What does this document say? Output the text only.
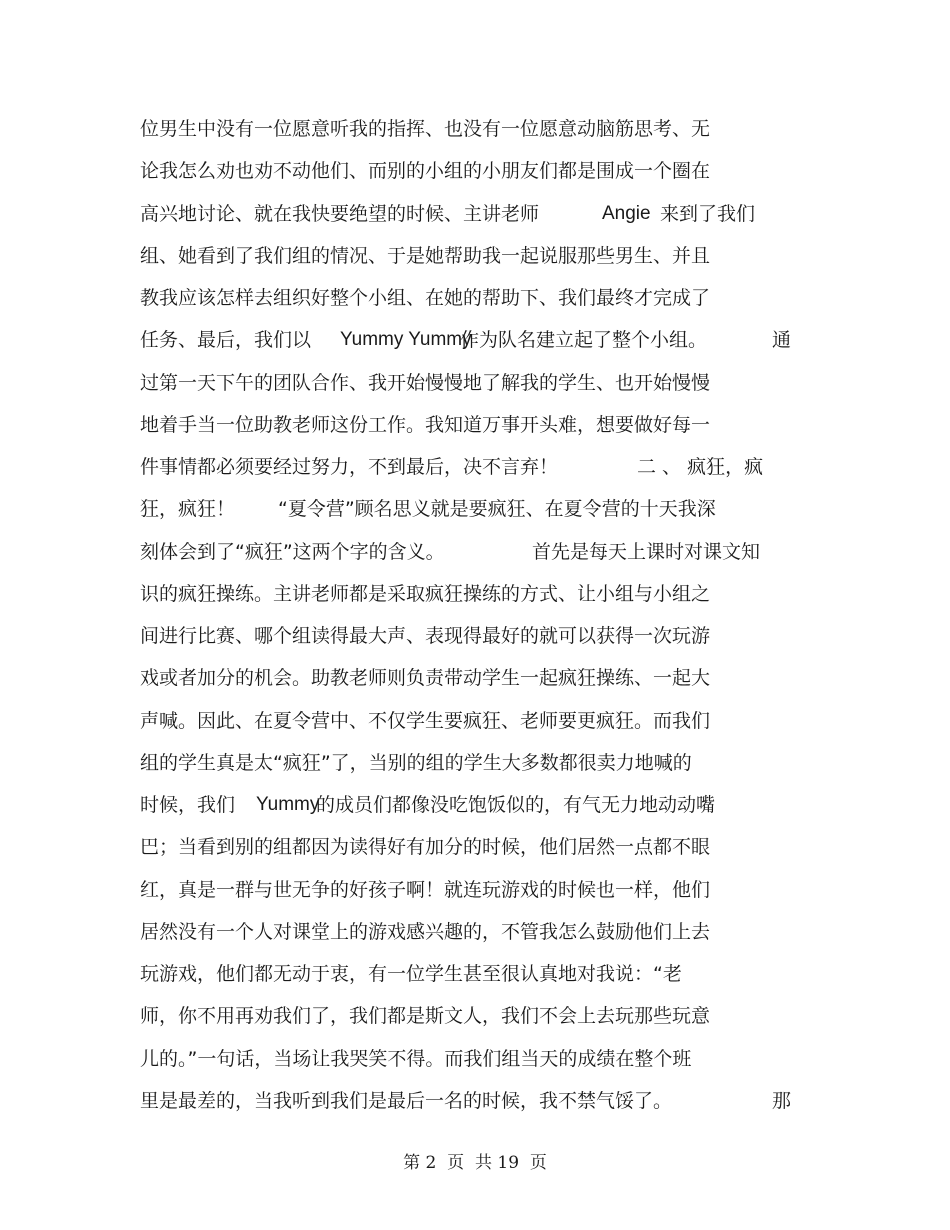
位男生中没有一位愿意听我的指挥、也没有一位愿意动脑筋思考、无
论我怎么劝也劝不动他们、而别的小组的小朋友们都是围成一个圈在
高兴地讨论、就在我快要绝望的时候、主讲老师	Angie 来到了我们
组、她看到了我们组的情况、于是她帮助我一起说服那些男生、并且
教我应该怎样去组织好整个小组、在她的帮助下、我们最终才完成了
任务、最后，我们以 Yummy Yummy
作为队名建立起了整个小组。	通
过第一天下午的团队合作、我开始慢慢地了解我的学生、也开始慢慢
地着手当一位助教老师这份工作。我知道万事开头难，想要做好每一
件事情都必须要经过努力，不到最后，决不言弃！	二 、 疯狂，疯
狂，疯狂！ “夏令营”顾名思义就是要疯狂、在夏令营的十天我深
刻体会到了“疯狂”这两个字的含义。	首先是每天上课时对课文知
识的疯狂操练。主讲老师都是采取疯狂操练的方式、让小组与小组之
间进行比赛、哪个组读得最大声、表现得最好的就可以获得一次玩游
戏或者加分的机会。助教老师则负责带动学生一起疯狂操练、一起大
声喊。因此、在夏令营中、不仅学生要疯狂、老师要更疯狂。而我们
组的学生真是太“疯狂”了，当别的组的学生大多数都很卖力地喊的
时候，我们 Yummy
的成员们都像没吃饱饭似的，有气无力地动动嘴
巴；当看到别的组都因为读得好有加分的时候，他们居然一点都不眼
红，真是一群与世无争的好孩子啊！就连玩游戏的时候也一样，他们
居然没有一个人对课堂上的游戏感兴趣的，不管我怎么鼓励他们上去
玩游戏，他们都无动于衷，有一位学生甚至很认真地对我说：“老
师，你不用再劝我们了，我们都是斯文人，我们不会上去玩那些玩意
儿的。”一句话，当场让我哭笑不得。而我们组当天的成绩在整个班
里是最差的，当我听到我们是最后一名的时候，我不禁气馁了。	那
第 2  页  共 19  页
